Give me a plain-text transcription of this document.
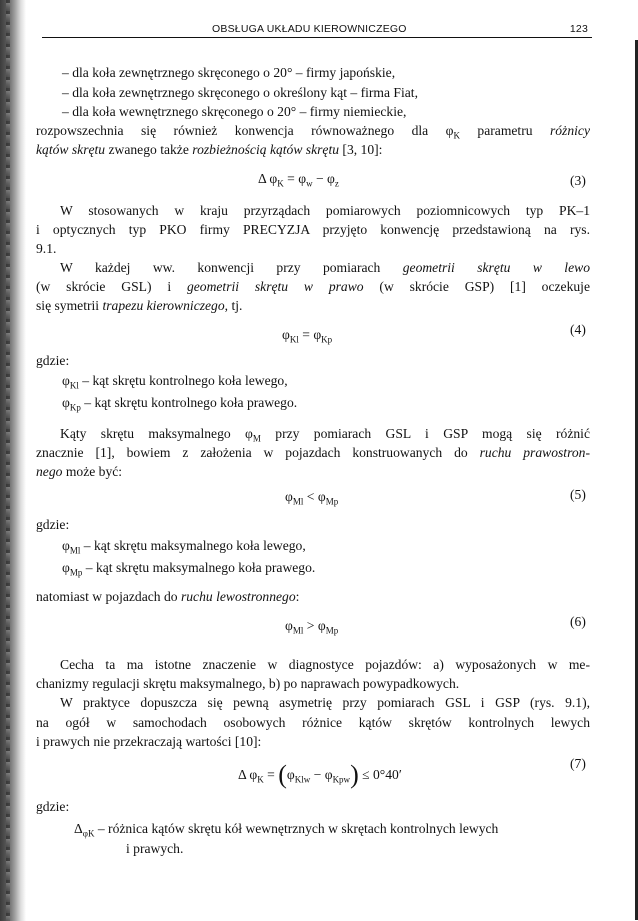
OBSŁUGA UKŁADU KIEROWNICZEGO	123
– dla koła zewnętrznego skręconego o 20° – firmy japońskie,
– dla koła zewnętrznego skręconego o określony kąt – firma Fiat,
– dla koła wewnętrznego skręconego o 20° – firmy niemieckie,
rozpowszechnia się również konwencja równoważnego dla $\varphi_K$ parametru różnicy
kątów skrętu zwanego także rozbieżnością kątów skrętu [3, 10]:
Δ $\varphi_K = \varphi_w - \varphi_z$	(3)
W stosowanych w kraju przyrządach pomiarowych poziomnicowych typ PK–1
i optycznych typ PKO firmy PRECYZJA przyjęto konwencję przedstawioną na rys.
9.1.
W każdej ww. konwencji przy pomiarach geometrii skrętu w lewo
(w skrócie GSL) i geometrii skrętu w prawo (w skrócie GSP) [1] oczekuje
się symetrii trapezu kierowniczego, tj.
$\varphi_{Kl} = \varphi_{Kp}$
(4)
gdzie:
$\varphi_{Kl}$ – kąt skrętu kontrolnego koła lewego,
$\varphi_{Kp}$ – kąt skrętu kontrolnego koła prawego.
Kąty skrętu maksymalnego $\varphi_M$ przy pomiarach GSL i GSP mogą się różnić
znacznie [1], bowiem z założenia w pojazdach konstruowanych do ruchu prawostron-
nego może być:
$\varphi_{Ml} < \varphi_{Mp}$	(5)
gdzie:
$\varphi_{Ml}$ – kąt skrętu maksymalnego koła lewego,
$\varphi_{Mp}$ – kąt skrętu maksymalnego koła prawego.
natomiast w pojazdach do ruchu lewostronnego:
$\varphi_{Ml} > \varphi_{Mp}$
(6)
Cecha ta ma istotne znaczenie w diagnostyce pojazdów: a) wyposażonych w me-
chanizmy regulacji skrętu maksymalnego, b) po naprawach powypadkowych.
W praktyce dopuszcza się pewną asymetrię przy pomiarach GSL i GSP (rys. 9.1),
na ogół w samochodach osobowych różnice kątów skrętów kontrolnych lewych
i prawych nie przekraczają wartości [10]:
Δ $\varphi_K = (\varphi_{Klw} - \varphi_{Kpw}) \le 0^\circ 40'$
(7)
gdzie:
$\Delta_{\varphi K}$ – różnica kątów skrętu kół wewnętrznych w skrętach kontrolnych lewych
i prawych.
